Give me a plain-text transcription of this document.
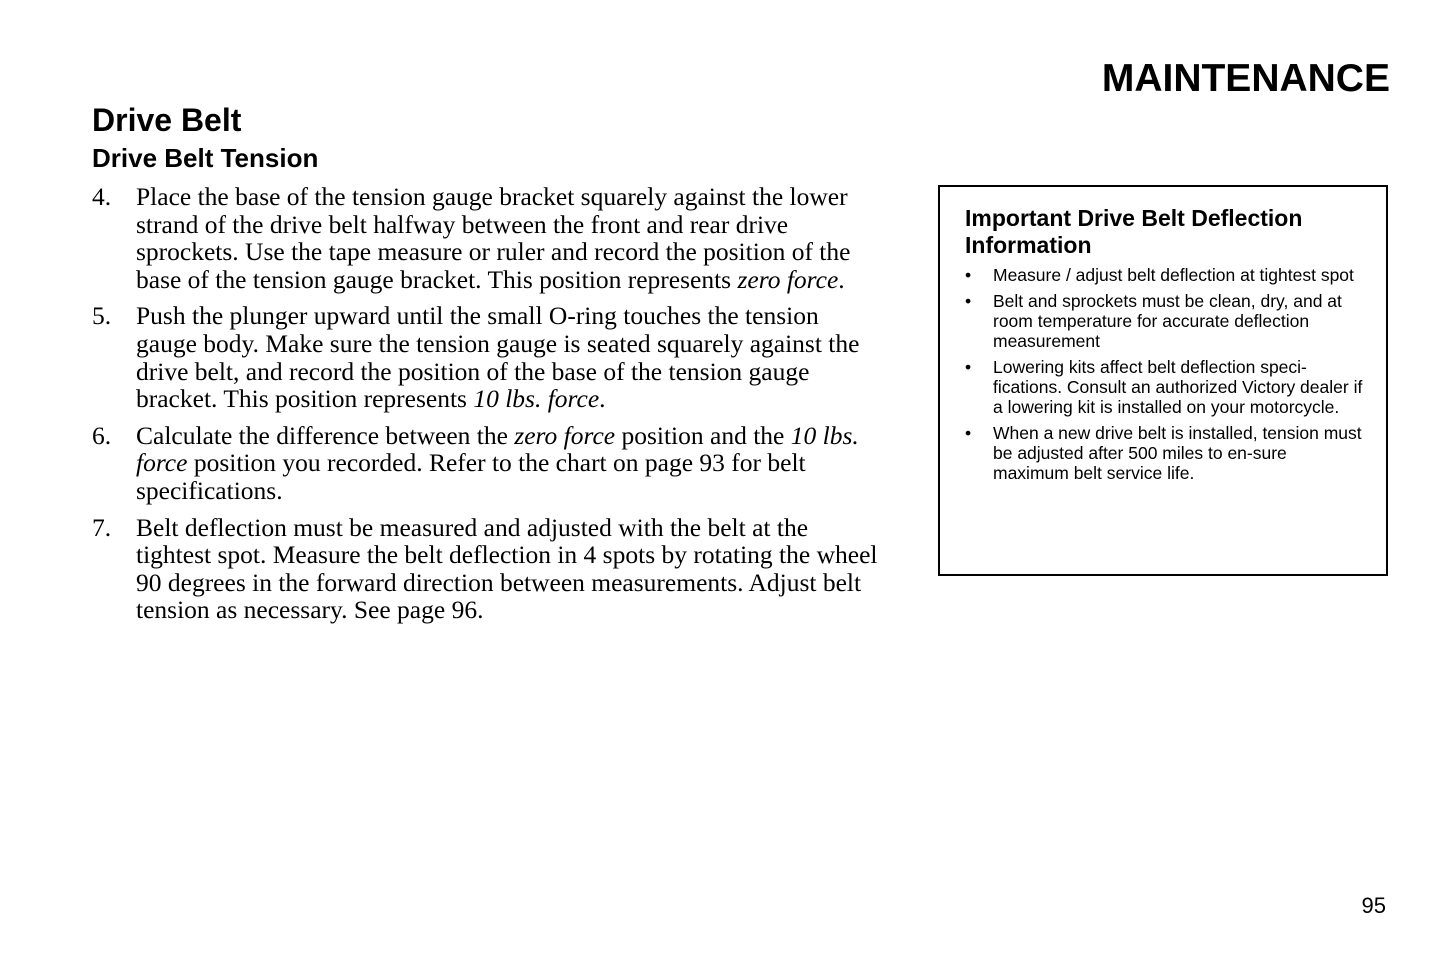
MAINTENANCE
Drive Belt
Drive Belt Tension
4. Place the base of the tension gauge bracket squarely against the lower strand of the drive belt halfway between the front and rear drive sprockets. Use the tape measure or ruler and record the position of the base of the tension gauge bracket. This position represents zero force.
5. Push the plunger upward until the small O-ring touches the tension gauge body. Make sure the tension gauge is seated squarely against the drive belt, and record the position of the base of the tension gauge bracket. This position represents 10 lbs. force.
6. Calculate the difference between the zero force position and the 10 lbs. force position you recorded. Refer to the chart on page 93 for belt specifications.
7. Belt deflection must be measured and adjusted with the belt at the tightest spot. Measure the belt deflection in 4 spots by rotating the wheel 90 degrees in the forward direction between measurements. Adjust belt tension as necessary. See page 96.
Important Drive Belt Deflection Information
• Measure / adjust belt deflection at tightest spot
• Belt and sprockets must be clean, dry, and at room temperature for accurate deflection measurement
• Lowering kits affect belt deflection speci-fications. Consult an authorized Victory dealer if a lowering kit is installed on your motorcycle.
• When a new drive belt is installed, tension must be adjusted after 500 miles to en-sure maximum belt service life.
95
